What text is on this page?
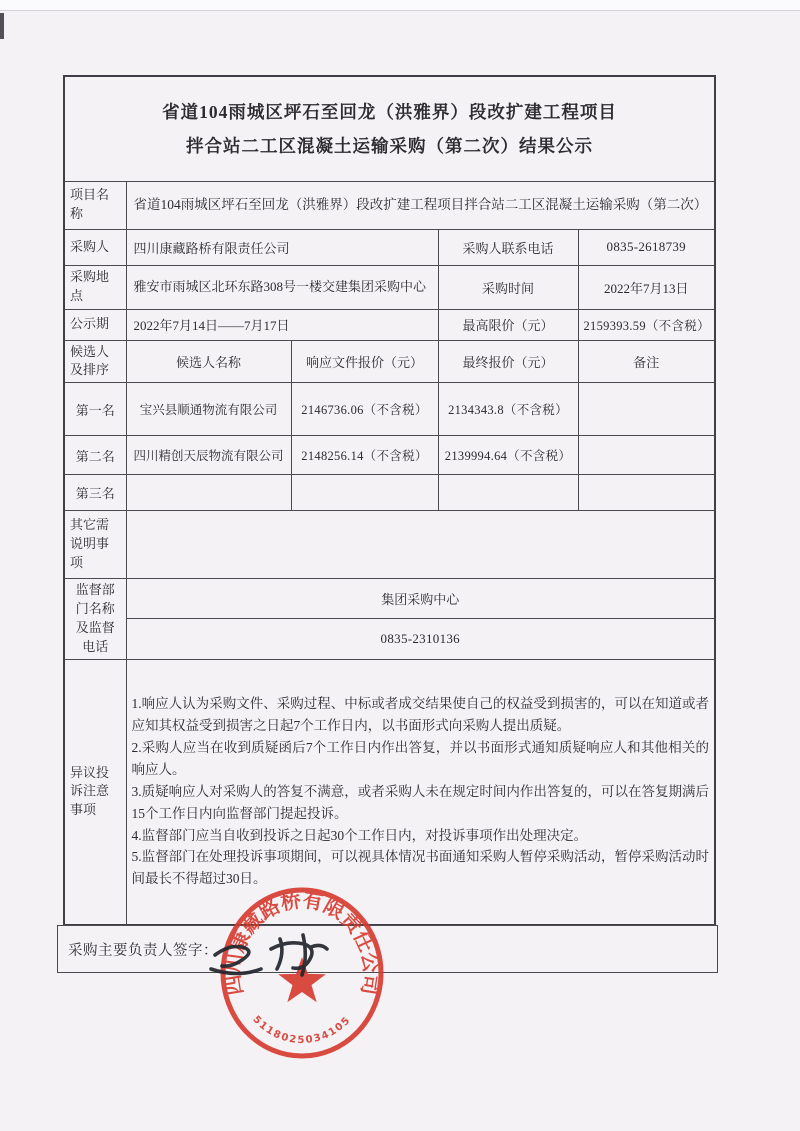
省道104雨城区坪石至回龙（洪雅界）段改扩建工程项目
拌合站二工区混凝土运输采购（第二次）结果公示				

项目名称	省道104雨城区坪石至回龙（洪雅界）段改扩建工程项目拌合站二工区混凝土运输采购（第二次）			
采购人	四川康藏路桥有限责任公司		采购人联系电话	0835-2618739
采购地点	雅安市雨城区北环东路308号一楼交建集团采购中心		采购时间	2022年7月13日
公示期	2022年7月14日——7月17日		最高限价（元）	2159393.59（不含税）
候选人及排序	候选人名称	响应文件报价（元）	最终报价（元）	备注
第一名	宝兴县顺通物流有限公司	2146736.06（不含税）	2134343.8（不含税）	
第二名	四川精创天辰物流有限公司	2148256.14（不含税）	2139994.64（不含税）	
第三名				
其它需说明事项				
监督部门名称及监督电话	集团采购中心			
	0835-2310136			
异议投诉注意事项	1.响应人认为采购文件、采购过程、中标或者成交结果使自己的权益受到损害的，可以在知道或者应知其权益受到损害之日起7个工作日内，以书面形式向采购人提出质疑。
2.采购人应当在收到质疑函后7个工作日内作出答复，并以书面形式通知质疑响应人和其他相关的响应人。
3.质疑响应人对采购人的答复不满意，或者采购人未在规定时间内作出答复的，可以在答复期满后15个工作日内向监督部门提起投诉。
4.监督部门应当自收到投诉之日起30个工作日内，对投诉事项作出处理决定。
5.监督部门在处理投诉事项期间，可以视具体情况书面通知采购人暂停采购活动，暂停采购活动时间最长不得超过30日。			
采购主要负责人签字：
四川康藏路桥有限责任公司
5118025034105
